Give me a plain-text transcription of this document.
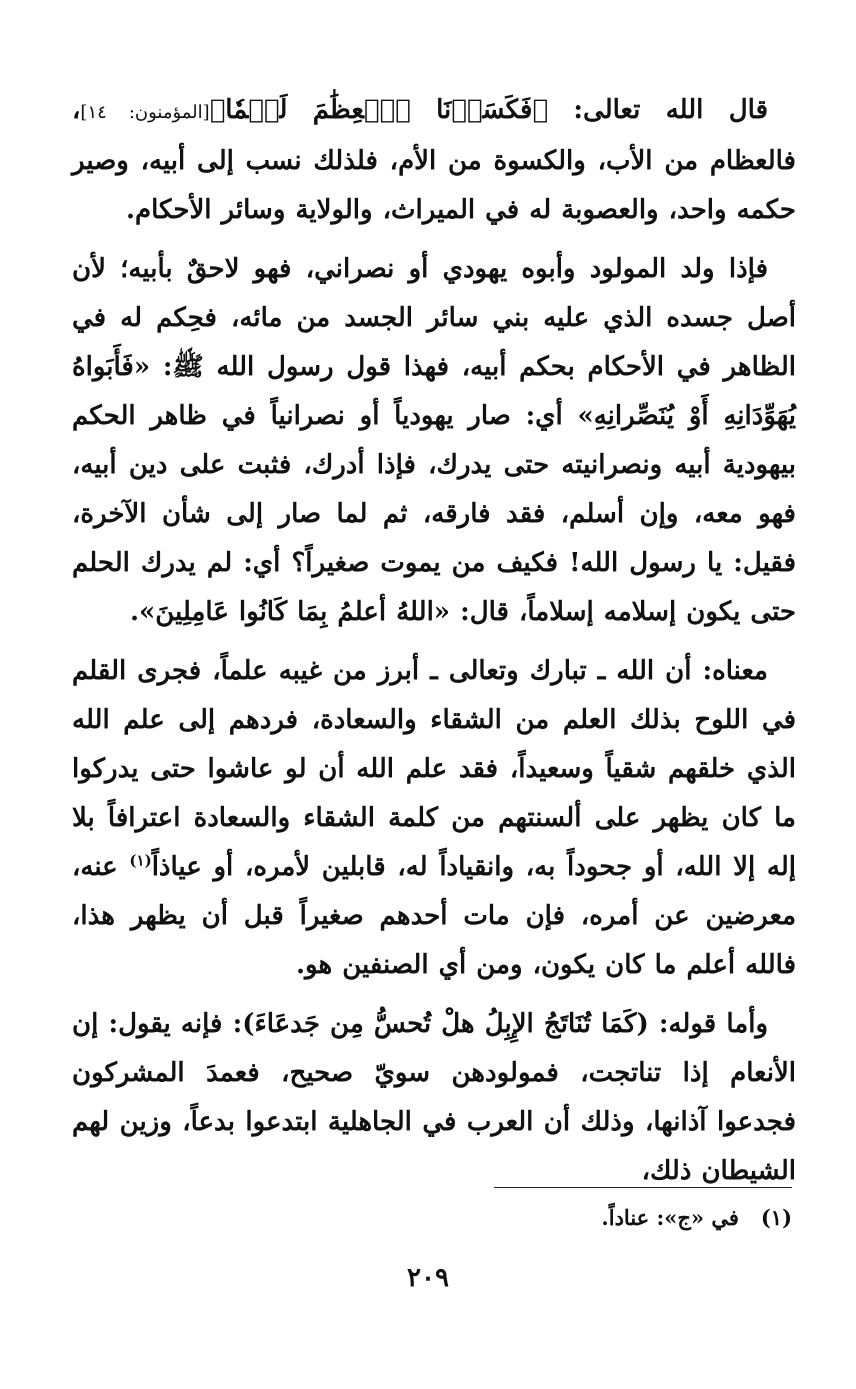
قال الله تعالى: ﴿فَكَسَوۡنَا ٱلۡعِظَٰمَ لَحۡمٗا﴾[المؤمنون: ١٤]، فالعظام من الأب، والكسوة من الأم، فلذلك نسب إلى أبيه، وصير حكمه واحد، والعصوبة له في الميراث، والولاية وسائر الأحكام.

فإذا ولد المولود وأبوه يهودي أو نصراني، فهو لاحقٌ بأبيه؛ لأن أصل جسده الذي عليه بني سائر الجسد من مائه، فحِكم له في الظاهر في الأحكام بحكم أبيه، فهذا قول رسول الله ﷺ: «فَأَبَواهُ يُهَوِّدَانِهِ أَوْ يُنَصِّرانِهِ» أي: صار يهودياً أو نصرانياً في ظاهر الحكم بيهودية أبيه ونصرانيته حتى يدرك، فإذا أدرك، فثبت على دين أبيه، فهو معه، وإن أسلم، فقد فارقه، ثم لما صار إلى شأن الآخرة، فقيل: يا رسول الله! فكيف من يموت صغيراً؟ أي: لم يدرك الحلم حتى يكون إسلامه إسلاماً، قال: «اللهُ أعلمُ بِمَا كَانُوا عَامِلِينَ».

معناه: أن الله ـ تبارك وتعالى ـ أبرز من غيبه علماً، فجرى القلم في اللوح بذلك العلم من الشقاء والسعادة، فردهم إلى علم الله الذي خلقهم شقياً وسعيداً، فقد علم الله أن لو عاشوا حتى يدركوا ما كان يظهر على ألسنتهم من كلمة الشقاء والسعادة اعترافاً بلا إله إلا الله، أو جحوداً به، وانقياداً له، قابلين لأمره، أو عياذاً$^{(١)}$ عنه، معرضين عن أمره، فإن مات أحدهم صغيراً قبل أن يظهر هذا، فالله أعلم ما كان يكون، ومن أي الصنفين هو.

وأما قوله: (كَمَا تُنَاتَجُ الإِبِلُ هلْ تُحسُّ مِن جَدعَاءَ): فإنه يقول: إن الأنعام إذا تناتجت، فمولودهن سويّ صحيح، فعمدَ المشركون فجدعوا آذانها، وذلك أن العرب في الجاهلية ابتدعوا بدعاً، وزين لهم الشيطان ذلك،

(١)   في «ج»: عناداً.

٢٠٩
